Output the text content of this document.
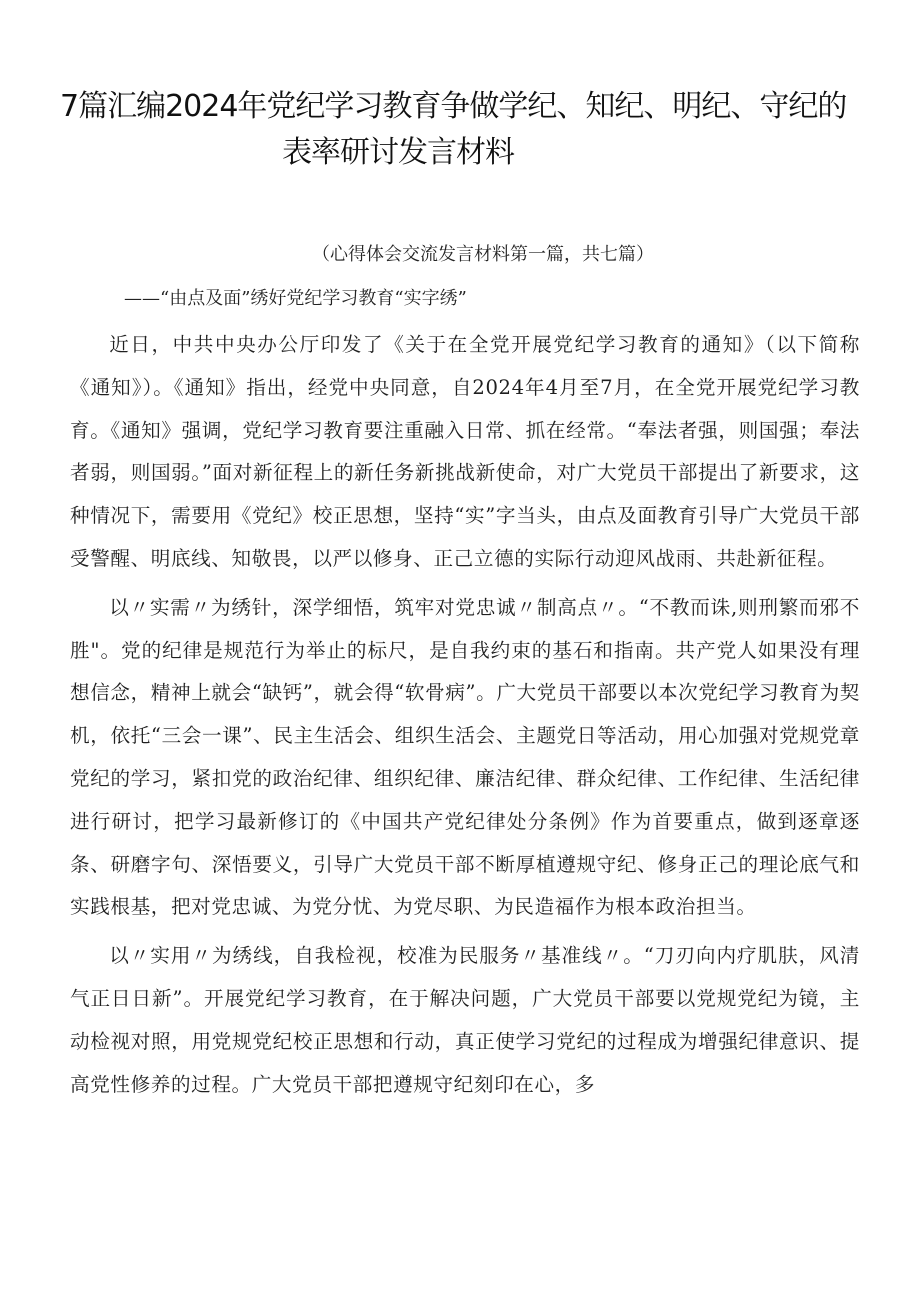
7篇汇编2024年党纪学习教育争做学纪、知纪、明纪、守纪的
表率研讨发言材料
（心得体会交流发言材料第一篇，共七篇）
——“由点及面”绣好党纪学习教育“实字绣”

近日，中共中央办公厅印发了《关于在全党开展党纪学习教育的通知》（以下简称《通知》）。《通知》指出，经党中央同意，自2024年4月至7月，在全党开展党纪学习教育。《通知》强调，党纪学习教育要注重融入日常、抓在经常。“奉法者强，则国强；奉法者弱，则国弱。”面对新征程上的新任务新挑战新使命，对广大党员干部提出了新要求，这种情况下，需要用《党纪》校正思想，坚持“实”字当头，由点及面教育引导广大党员干部受警醒、明底线、知敬畏，以严以修身、正己立德的实际行动迎风战雨、共赴新征程。

以〃实需〃为绣针，深学细悟，筑牢对党忠诚〃制高点〃。“不教而诛,则刑繁而邪不胜"。党的纪律是规范行为举止的标尺，是自我约束的基石和指南。共产党人如果没有理想信念，精神上就会“缺钙”，就会得“软骨病”。广大党员干部要以本次党纪学习教育为契机，依托“三会一课”、民主生活会、组织生活会、主题党日等活动，用心加强对党规党章党纪的学习，紧扣党的政治纪律、组织纪律、廉洁纪律、群众纪律、工作纪律、生活纪律进行研讨，把学习最新修订的《中国共产党纪律处分条例》作为首要重点，做到逐章逐条、研磨字句、深悟要义，引导广大党员干部不断厚植遵规守纪、修身正己的理论底气和实践根基，把对党忠诚、为党分忧、为党尽职、为民造福作为根本政治担当。

以〃实用〃为绣线，自我检视，校准为民服务〃基准线〃。“刀刃向内疗肌肤，风清气正日日新”。开展党纪学习教育，在于解决问题，广大党员干部要以党规党纪为镜，主动检视对照，用党规党纪校正思想和行动，真正使学习党纪的过程成为增强纪律意识、提高党性修养的过程。广大党员干部把遵规守纪刻印在心，多
